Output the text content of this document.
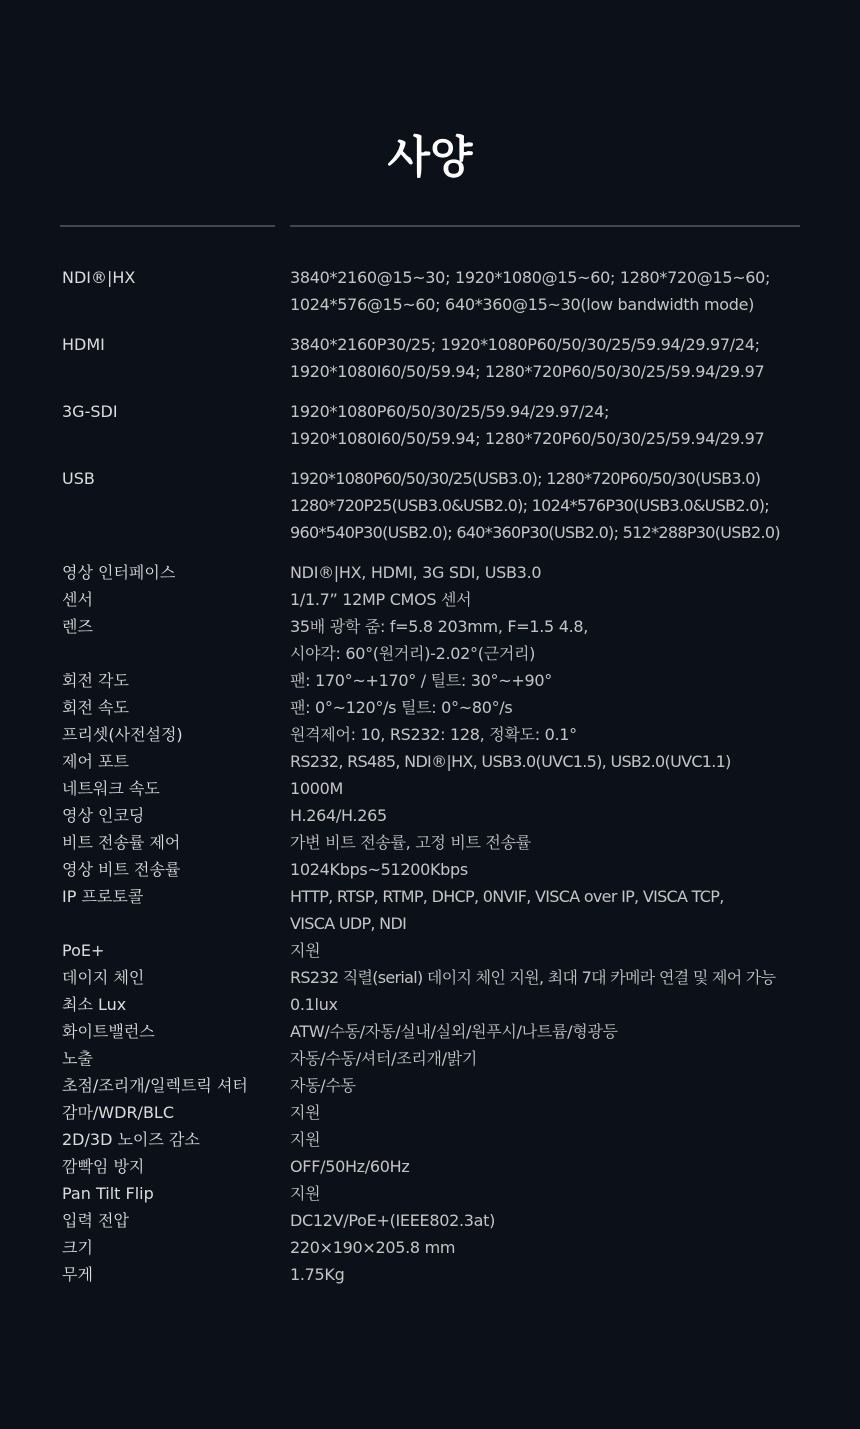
사양
NDI®|HX	3840*2160@15~30; 1920*1080@15~60; 1280*720@15~60;
1024*576@15~60; 640*360@15~30(low bandwidth mode)
HDMI	3840*2160P30/25; 1920*1080P60/50/30/25/59.94/29.97/24;
1920*1080I60/50/59.94; 1280*720P60/50/30/25/59.94/29.97
3G-SDI	1920*1080P60/50/30/25/59.94/29.97/24;
1920*1080I60/50/59.94; 1280*720P60/50/30/25/59.94/29.97
USB	1920*1080P60/50/30/25(USB3.0); 1280*720P60/50/30(USB3.0)
1280*720P25(USB3.0&USB2.0); 1024*576P30(USB3.0&USB2.0);
960*540P30(USB2.0); 640*360P30(USB2.0); 512*288P30(USB2.0)
영상 인터페이스	NDI®|HX, HDMI, 3G SDI, USB3.0
센서	1/1.7” 12MP CMOS 센서
렌즈	35배 광학 줌: f=5.8 203mm, F=1.5 4.8,
시야각: 60°(원거리)-2.02°(근거리)
회전 각도	팬: 170°~+170° / 틸트: 30°~+90°
회전 속도	팬: 0°~120°/s 틸트: 0°~80°/s
프리셋(사전설정)	원격제어: 10, RS232: 128, 정확도: 0.1°
제어 포트	RS232, RS485, NDI®|HX, USB3.0(UVC1.5), USB2.0(UVC1.1)
네트워크 속도	1000M
영상 인코딩	H.264/H.265
비트 전송률 제어	가변 비트 전송률, 고정 비트 전송률
영상 비트 전송률	1024Kbps~51200Kbps
IP 프로토콜	HTTP, RTSP, RTMP, DHCP, 0NVIF, VISCA over IP, VISCA TCP,
VISCA UDP, NDI
PoE+	지원
데이지 체인	RS232 직렬(serial) 데이지 체인 지원, 최대 7대 카메라 연결 및 제어 가능
최소 Lux	0.1lux
화이트밸런스	ATW/수동/자동/실내/실외/원푸시/나트륨/형광등
노출	자동/수동/셔터/조리개/밝기
초점/조리개/일렉트릭 셔터	자동/수동
감마/WDR/BLC	지원
2D/3D 노이즈 감소	지원
깜빡임 방지	OFF/50Hz/60Hz
Pan Tilt Flip	지원
입력 전압	DC12V/PoE+(IEEE802.3at)
크기	220×190×205.8 mm
무게	1.75Kg
